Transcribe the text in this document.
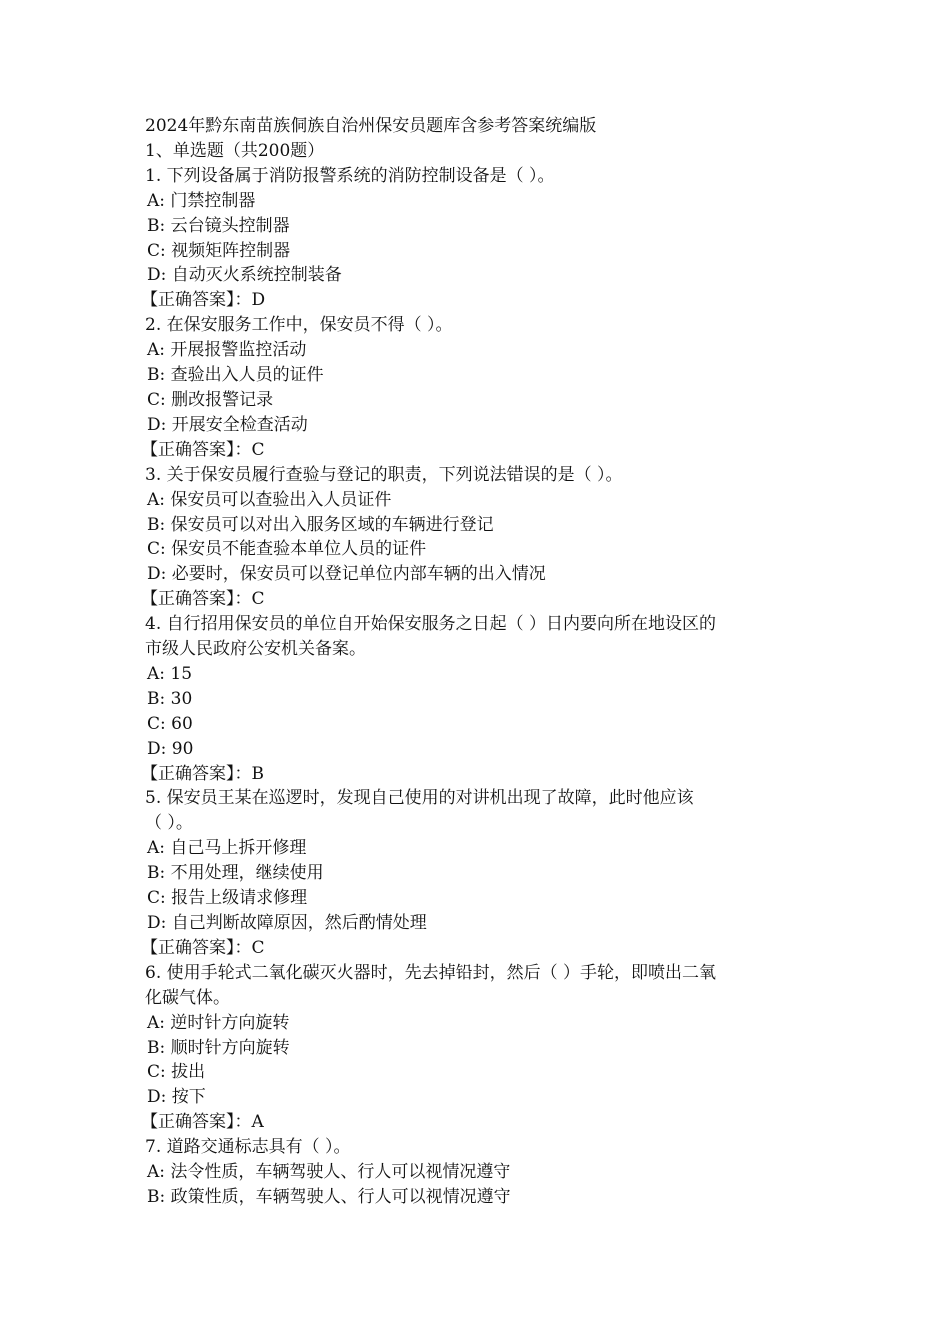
2024年黔东南苗族侗族自治州保安员题库含参考答案统编版
1、单选题（共200题）
1. 下列设备属于消防报警系统的消防控制设备是（ ）。
A: 门禁控制器
B: 云台镜头控制器
C: 视频矩阵控制器
D: 自动灭火系统控制装备
【正确答案】：D
2. 在保安服务工作中，保安员不得（ ）。
A: 开展报警监控活动
B: 查验出入人员的证件
C: 删改报警记录
D: 开展安全检查活动
【正确答案】：C
3. 关于保安员履行查验与登记的职责，下列说法错误的是（ ）。
A: 保安员可以查验出入人员证件
B: 保安员可以对出入服务区域的车辆进行登记
C: 保安员不能查验本单位人员的证件
D: 必要时，保安员可以登记单位内部车辆的出入情况
【正确答案】：C
4. 自行招用保安员的单位自开始保安服务之日起（ ）日内要向所在地设区的
市级人民政府公安机关备案。
A: 15
B: 30
C: 60
D: 90
【正确答案】：B
5. 保安员王某在巡逻时，发现自己使用的对讲机出现了故障，此时他应该
（ ）。
A: 自己马上拆开修理
B: 不用处理，继续使用
C: 报告上级请求修理
D: 自己判断故障原因，然后酌情处理
【正确答案】：C
6. 使用手轮式二氧化碳灭火器时，先去掉铅封，然后（ ）手轮，即喷出二氧
化碳气体。
A: 逆时针方向旋转
B: 顺时针方向旋转
C: 拔出
D: 按下
【正确答案】：A
7. 道路交通标志具有（ ）。
A: 法令性质，车辆驾驶人、行人可以视情况遵守
B: 政策性质，车辆驾驶人、行人可以视情况遵守
